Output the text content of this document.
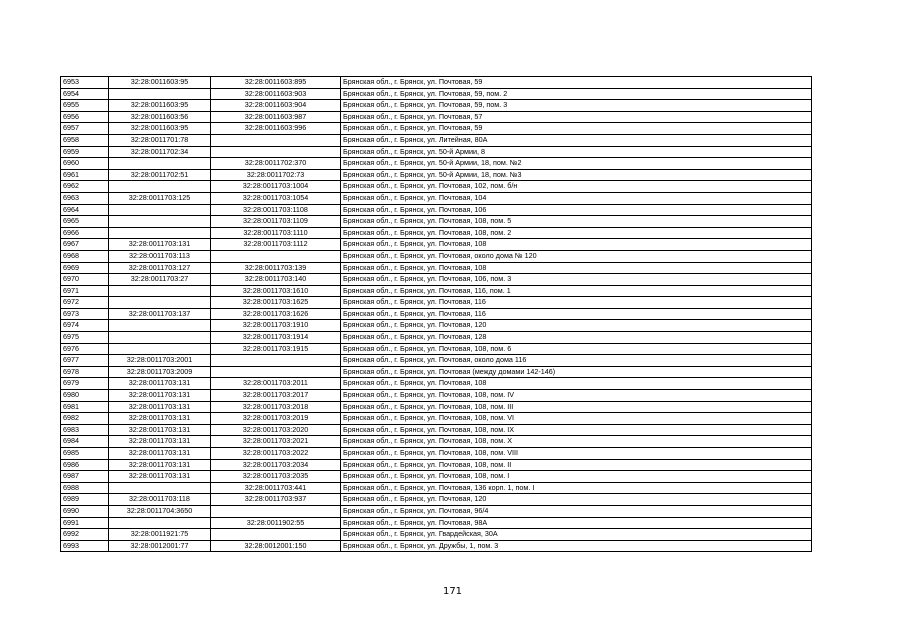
6953	32:28:0011603:95	32:28:0011603:895	Брянская обл., г. Брянск, ул. Почтовая, 59
6954		32:28:0011603:903	Брянская обл., г. Брянск, ул. Почтовая, 59, пом. 2
6955	32:28:0011603:95	32:28:0011603:904	Брянская обл., г. Брянск, ул. Почтовая, 59, пом. 3
6956	32:28:0011603:56	32:28:0011603:987	Брянская обл., г. Брянск, ул. Почтовая, 57
6957	32:28:0011603:95	32:28:0011603:996	Брянская обл., г. Брянск, ул. Почтовая, 59
6958	32:28:0011701:78		Брянская обл., г. Брянск, ул. Литейная, 80А
6959	32:28:0011702:34		Брянская обл., г. Брянск, ул. 50-й Армии, 8
6960		32:28:0011702:370	Брянская обл., г. Брянск, ул. 50-й Армии, 18, пом. №2
6961	32:28:0011702:51	32:28:0011702:73	Брянская обл., г. Брянск, ул. 50-й Армии, 18, пом. №3
6962		32:28:0011703:1004	Брянская обл., г. Брянск, ул. Почтовая, 102, пом. б/н
6963	32:28:0011703:125	32:28:0011703:1054	Брянская обл., г. Брянск, ул. Почтовая, 104
6964		32:28:0011703:1108	Брянская обл., г. Брянск, ул. Почтовая, 106
6965		32:28:0011703:1109	Брянская обл., г. Брянск, ул. Почтовая, 108, пом. 5
6966		32:28:0011703:1110	Брянская обл., г. Брянск, ул. Почтовая, 108, пом. 2
6967	32:28:0011703:131	32:28:0011703:1112	Брянская обл., г. Брянск, ул. Почтовая, 108
6968	32:28:0011703:113		Брянская обл., г. Брянск, ул. Почтовая, около дома № 120
6969	32:28:0011703:127	32:28:0011703:139	Брянская обл., г. Брянск, ул. Почтовая, 108
6970	32:28:0011703:27	32:28:0011703:140	Брянская обл., г. Брянск, ул. Почтовая, 106, пом. 3
6971		32:28:0011703:1610	Брянская обл., г. Брянск, ул. Почтовая, 116, пом. 1
6972		32:28:0011703:1625	Брянская обл., г. Брянск, ул. Почтовая, 116
6973	32:28:0011703:137	32:28:0011703:1626	Брянская обл., г. Брянск, ул. Почтовая, 116
6974		32:28:0011703:1910	Брянская обл., г. Брянск, ул. Почтовая, 120
6975		32:28:0011703:1914	Брянская обл., г. Брянск, ул. Почтовая, 128
6976		32:28:0011703:1915	Брянская обл., г. Брянск, ул. Почтовая, 108, пом. 6
6977	32:28:0011703:2001		Брянская обл., г. Брянск, ул. Почтовая, около дома 116
6978	32:28:0011703:2009		Брянская обл., г. Брянск, ул. Почтовая (между домами 142-146)
6979	32:28:0011703:131	32:28:0011703:2011	Брянская обл., г. Брянск, ул. Почтовая, 108
6980	32:28:0011703:131	32:28:0011703:2017	Брянская обл., г. Брянск, ул. Почтовая, 108, пом. IV
6981	32:28:0011703:131	32:28:0011703:2018	Брянская обл., г. Брянск, ул. Почтовая, 108, пом. III
6982	32:28:0011703:131	32:28:0011703:2019	Брянская обл., г. Брянск, ул. Почтовая, 108, пом. VI
6983	32:28:0011703:131	32:28:0011703:2020	Брянская обл., г. Брянск, ул. Почтовая, 108, пом. IX
6984	32:28:0011703:131	32:28:0011703:2021	Брянская обл., г. Брянск, ул. Почтовая, 108, пом. X
6985	32:28:0011703:131	32:28:0011703:2022	Брянская обл., г. Брянск, ул. Почтовая, 108, пом. VIII
6986	32:28:0011703:131	32:28:0011703:2034	Брянская обл., г. Брянск, ул. Почтовая, 108, пом. II
6987	32:28:0011703:131	32:28:0011703:2035	Брянская обл., г. Брянск, ул. Почтовая, 108, пом. I
6988		32:28:0011703:441	Брянская обл., г. Брянск, ул. Почтовая, 136 корп. 1, пом. I
6989	32:28:0011703:118	32:28:0011703:937	Брянская обл., г. Брянск, ул. Почтовая, 120
6990	32:28:0011704:3650		Брянская обл., г. Брянск, ул. Почтовая, 96/4
6991		32:28:0011902:55	Брянская обл., г. Брянск, ул. Почтовая, 98А
6992	32:28:0011921:75		Брянская обл., г. Брянск, ул. Гвардейская, 30А
6993	32:28:0012001:77	32:28:0012001:150	Брянская обл., г. Брянск, ул. Дружбы, 1, пом. 3
171
